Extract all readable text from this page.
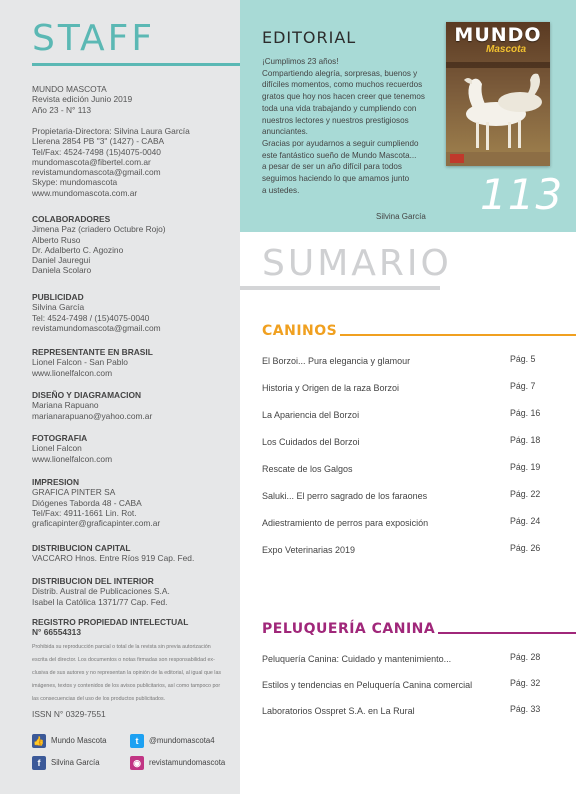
STAFF
MUNDO MASCOTA
Revista edición Junio 2019
Año 23 - N° 113
Propietaria-Directora: Silvina Laura García
Llerena 2854 PB "3" (1427) - CABA
Tel/Fax: 4524-7498 (15)4075-0040
mundomascota@fibertel.com.ar
revistamundomascota@gmail.com
Skype: mundomascota
www.mundomascota.com.ar
COLABORADORES
Jimena Paz (criadero Octubre Rojo)
Alberto Ruso
Dr. Adalberto C. Agozino
Daniel Jauregui
Daniela Scolaro
PUBLICIDAD
Silvina García
Tel: 4524-7498 / (15)4075-0040
revistamundomascota@gmail.com
REPRESENTANTE EN BRASIL
Lionel Falcon - San Pablo
www.lionelfalcon.com
DISEÑO Y DIAGRAMACION
Mariana Rapuano
marianarapuano@yahoo.com.ar
FOTOGRAFIA
Lionel Falcon
www.lionelfalcon.com
IMPRESION
GRAFICA PINTER SA
Diógenes Taborda 48 - CABA
Tel/Fax: 4911-1661 Lin. Rot.
graficapinter@graficapinter.com.ar
DISTRIBUCION CAPITAL
VACCARO Hnos. Entre Ríos 919 Cap. Fed.
DISTRIBUCION DEL INTERIOR
Distrib. Austral de Publicaciones S.A.
Isabel la Católica 1371/77 Cap. Fed.
REGISTRO PROPIEDAD INTELECTUAL
N° 66554313
Prohibida su reproducción parcial o total de la revista sin previa autorización
escrita del director. Los documentos o notas firmadas son responsabilidad ex-
clusiva de sus autores y no representan la opinión de la editorial, al igual que las
imágenes, textos y contenidos de los avisos publicitarios, así como tampoco por
las consecuencias del uso de los productos publicitados.
ISSN N° 0329-7551
👍 Mundo Mascota	t @mundomascota4
f Silvina García	◉ revistamundomascota
EDITORIAL
¡Cumplimos 23 años!
Compartiendo alegría, sorpresas, buenos y
difíciles momentos, como muchos recuerdos
gratos que hoy nos hacen creer que tenemos
toda una vida trabajando y cumpliendo con
nuestros lectores y nuestros prestigiosos
anunciantes.
Gracias por ayudarnos a seguir cumpliendo
este fantástico sueño de Mundo Mascota...
a pesar de ser un año difícil para todos
seguimos haciendo lo que amamos junto
a ustedes.
Silvina García
MUNDO
Mascota
113
SUMARIO
CANINOS
El Borzoi... Pura elegancia y glamour	Pág. 5
Historia y Origen de la raza Borzoi	Pág. 7
La Apariencia del Borzoi	Pág. 16
Los Cuidados del Borzoi	Pág. 18
Rescate de los Galgos	Pág. 19
Saluki... El perro sagrado de los faraones	Pág. 22
Adiestramiento de perros para exposición	Pág. 24
Expo Veterinarias 2019	Pág. 26
PELUQUERÍA CANINA
Peluquería Canina: Cuidado y mantenimiento...	Pág. 28
Estilos y tendencias en Peluquería Canina comercial	Pág. 32
Laboratorios Osspret S.A. en La Rural	Pág. 33
